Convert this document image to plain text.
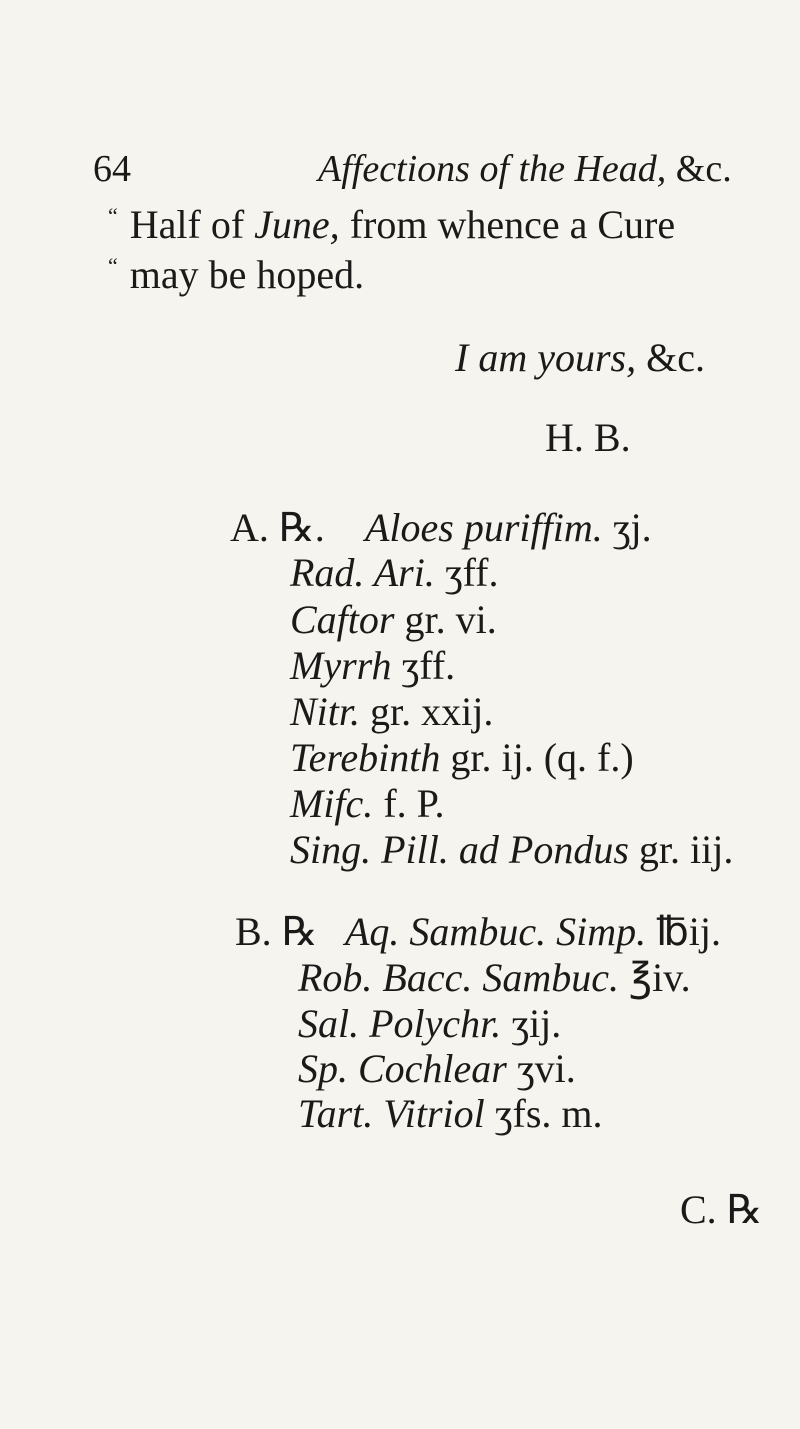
64	Affections of the Head, &c.
“ Half of June, from whence a Cure
“ may be hoped.
I am yours, &c.
H. B.
A. ℞. Aloes puriffim. ʒj.
Rad. Ari. ʒff.
Caftor gr. vi.
Myrrh ʒff.
Nitr. gr. xxij.
Terebinth gr. ij. (q. f.)
Mifc. f. P.
Sing. Pill. ad Pondus gr. iij.
B. ℞ Aq. Sambuc. Simp. ℔ij.
Rob. Bacc. Sambuc. ℥iv.
Sal. Polychr. ʒij.
Sp. Cochlear ʒvi.
Tart. Vitriol ʒfs. m.
C. ℞
